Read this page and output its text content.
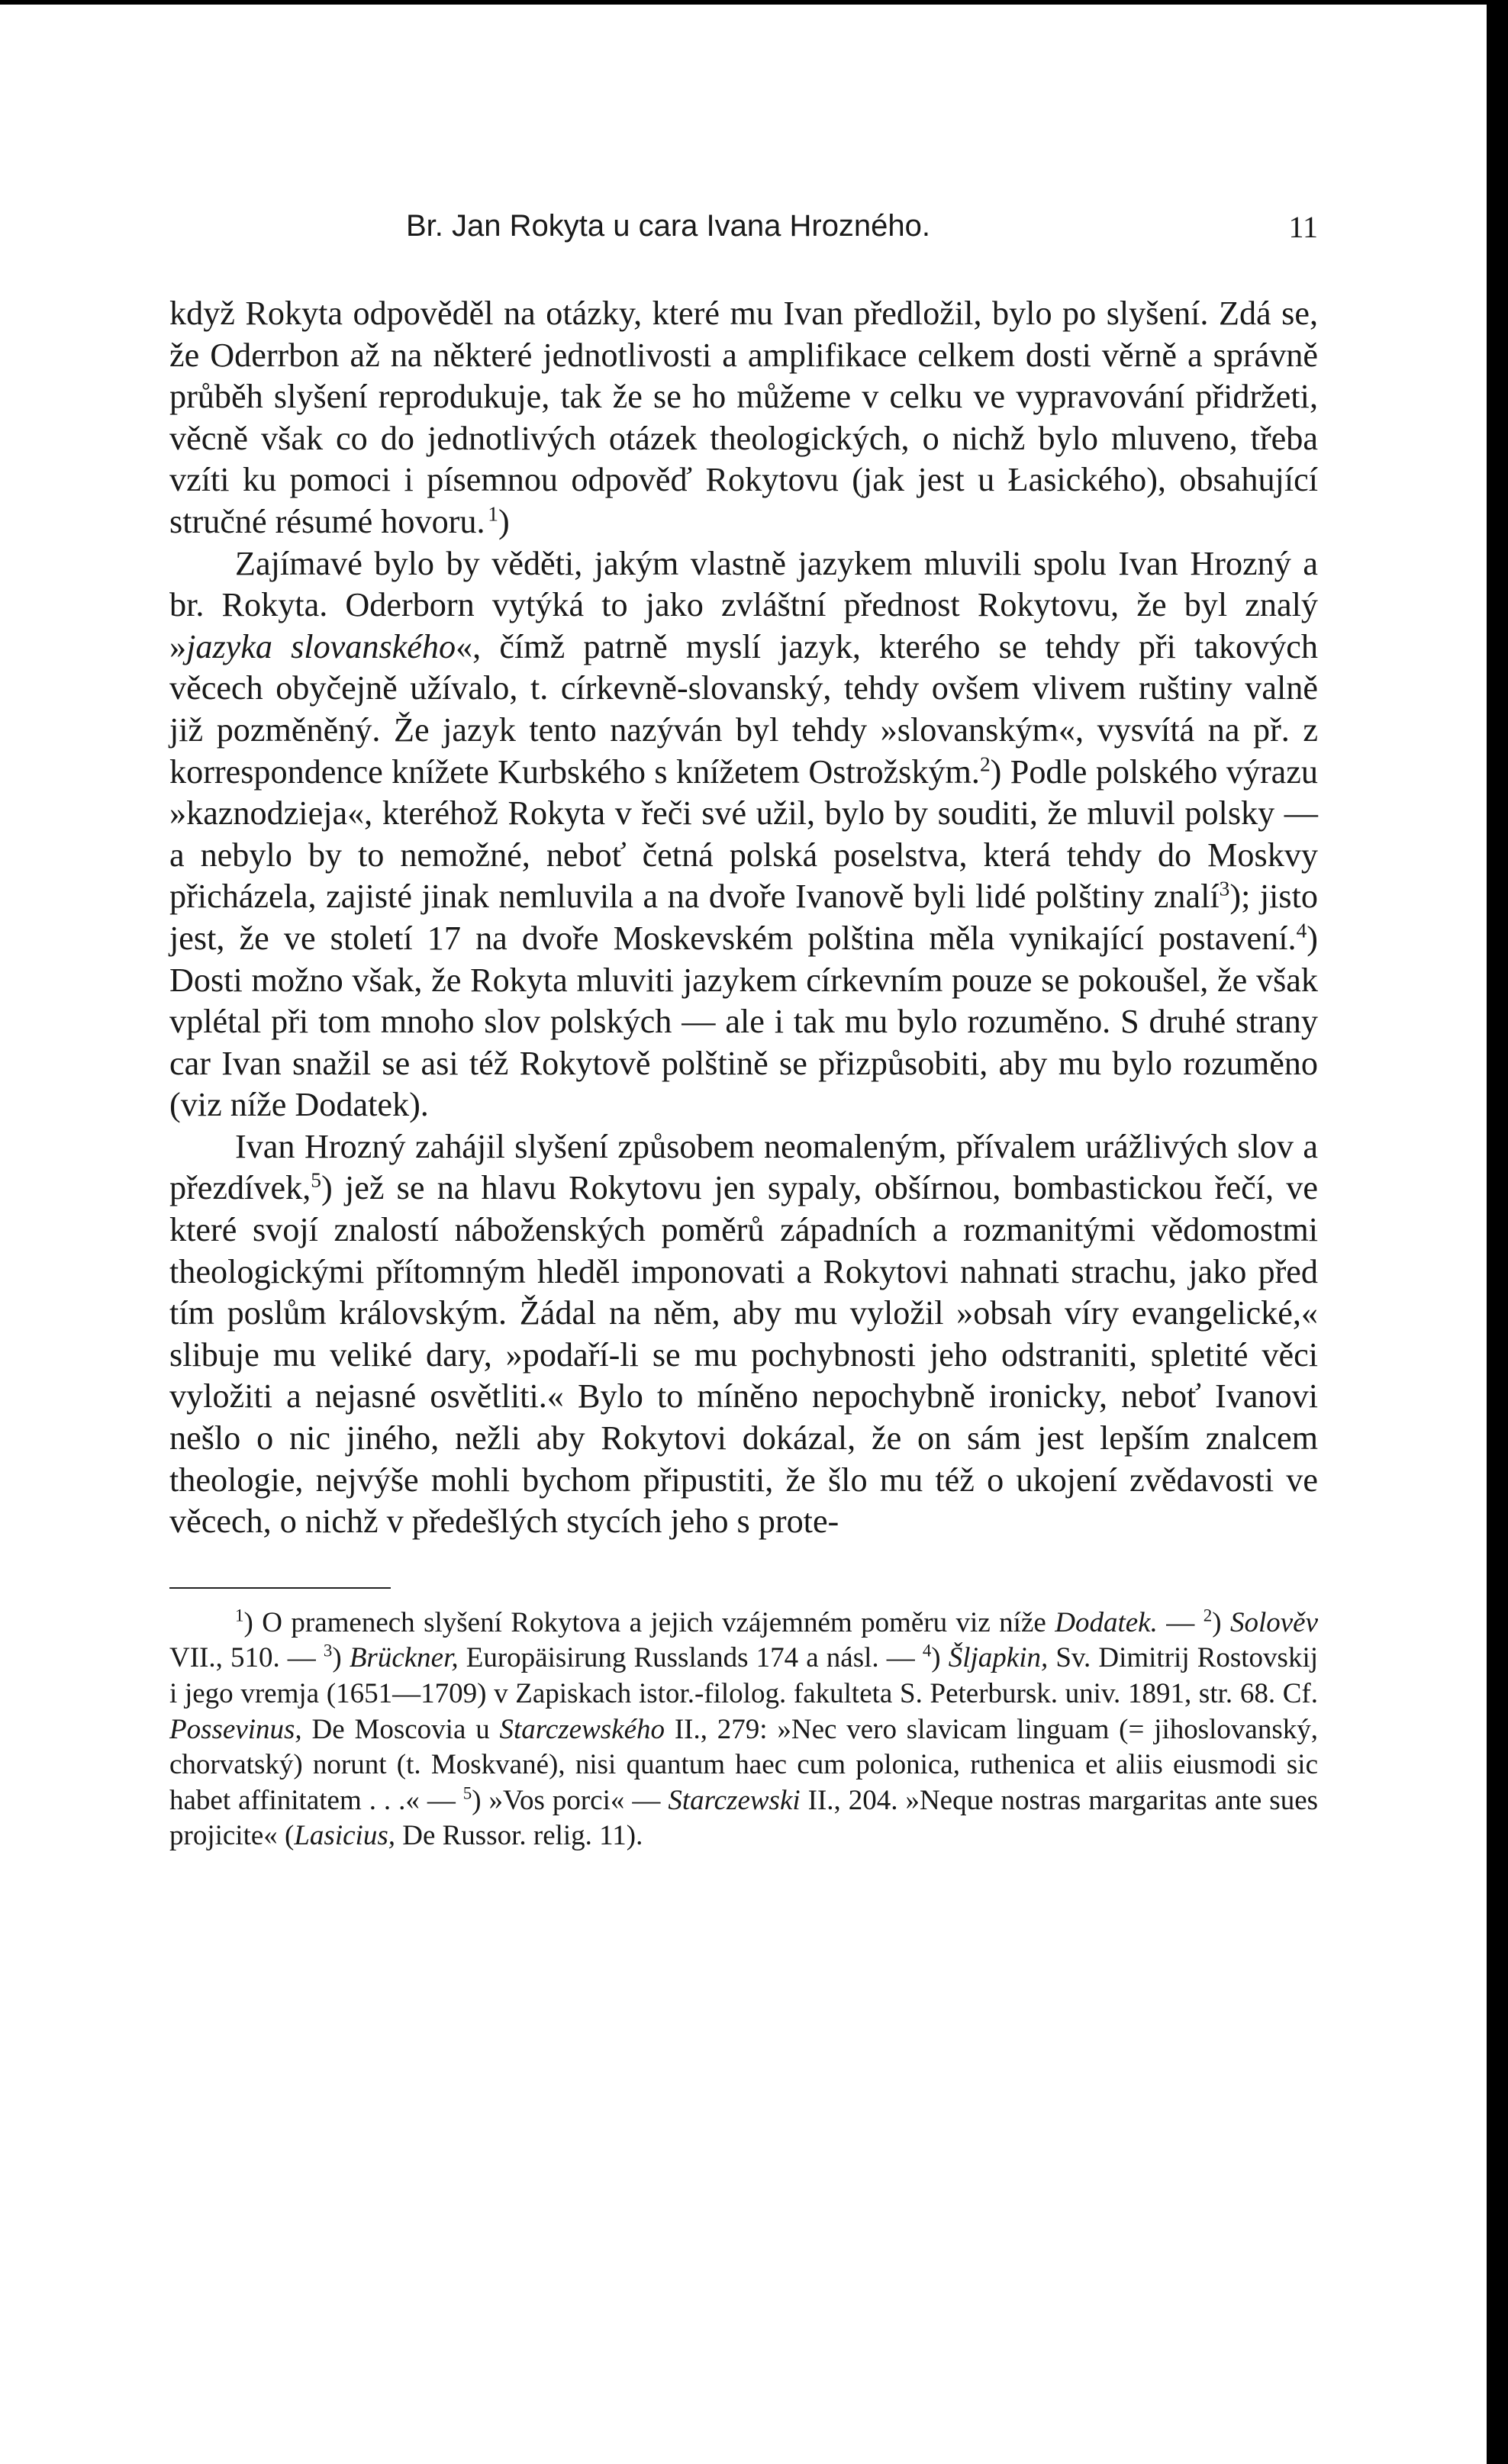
Br. Jan Rokyta u cara Ivana Hrozného.	11

když Rokyta odpověděl na otázky, které mu Ivan předložil, bylo po slyšení. Zdá se, že Oderrbon až na některé jednotlivosti a amplifikace celkem dosti věrně a správně průběh slyšení reprodukuje, tak že se ho můžeme v celku ve vypravování přidržeti, věcně však co do jednotlivých otázek theologických, o nichž bylo mluveno, třeba vzíti ku pomoci i písemnou odpověď Rokytovu (jak jest u Łasického), obsahující stručné résumé hovoru.  $^1$)

Zajímavé bylo by věděti, jakým vlastně jazykem mluvili spolu Ivan Hrozný a br. Rokyta. Oderborn vytýká to jako zvláštní přednost Rokytovu, že byl znalý »jazyka slovanského«, čímž patrně myslí jazyk, kterého se tehdy při takových věcech obyčejně užívalo, t. církevně-slovanský, tehdy ovšem vlivem ruštiny valně již pozměněný. Že jazyk tento nazýván byl tehdy »slovanským«, vysvítá na př. z korrespondence knížete Kurbského s knížetem Ostrožským.$^2$) Podle polského výrazu »kaznodzieja«, kteréhož Rokyta v řeči své užil, bylo by souditi, že mluvil polsky — a nebylo by to nemožné, neboť četná polská poselstva, která tehdy do Moskvy přicházela, zajisté jinak nemluvila a na dvoře Ivanově byli lidé polštiny znalí$^3$); jisto jest, že ve století 17 na dvoře Moskevském polština měla vynikající postavení.$^4$) Dosti možno však, že Rokyta mluviti jazykem církevním pouze se pokoušel, že však vplétal při tom mnoho slov polských — ale i tak mu bylo rozuměno. S druhé strany car Ivan snažil se asi též Rokytově polštině se přizpůsobiti, aby mu bylo rozuměno (viz níže Dodatek).

Ivan Hrozný zahájil slyšení způsobem neomaleným, přívalem urážlivých slov a přezdívek,$^5$) jež se na hlavu Rokytovu jen sypaly, obšírnou, bombastickou řečí, ve které svojí znalostí náboženských poměrů západních a rozmanitými vědomostmi theologickými přítomným hleděl imponovati a Rokytovi nahnati strachu, jako před tím poslům královským. Žádal na něm, aby mu vyložil »obsah víry evangelické,« slibuje mu veliké dary, »podaří-li se mu pochybnosti jeho odstraniti, spletité věci vyložiti a nejasné osvětliti.« Bylo to míněno nepochybně ironicky, neboť Ivanovi nešlo o nic jiného, nežli aby Rokytovi dokázal, že on sám jest lepším znalcem theologie, nejvýše mohli bychom připustiti, že šlo mu též o ukojení zvědavosti ve věcech, o nichž v předešlých stycích jeho s prote-

$^1$) O pramenech slyšení Rokytova a jejich vzájemném poměru viz níže Dodatek. — $^2$) Solověv VII., 510. — $^3$) Brückner, Europäisirung Russlands 174 a násl. — $^4$) Šljapkin, Sv. Dimitrij Rostovskij i jego vremja (1651—1709) v Zapiskach istor.-filolog. fakulteta S. Peterbursk. univ. 1891, str. 68. Cf. Possevinus, De Moscovia u Starczewského II., 279: »Nec vero slavicam linguam (= jihoslovanský, chorvatský) norunt (t. Moskvané), nisi quantum haec cum polonica, ruthenica et aliis eiusmodi sic habet affinitatem . . .« — $^5$) »Vos porci« — Starczewski II., 204. »Neque nostras margaritas ante sues projicite« (Lasicius, De Russor. relig. 11).
